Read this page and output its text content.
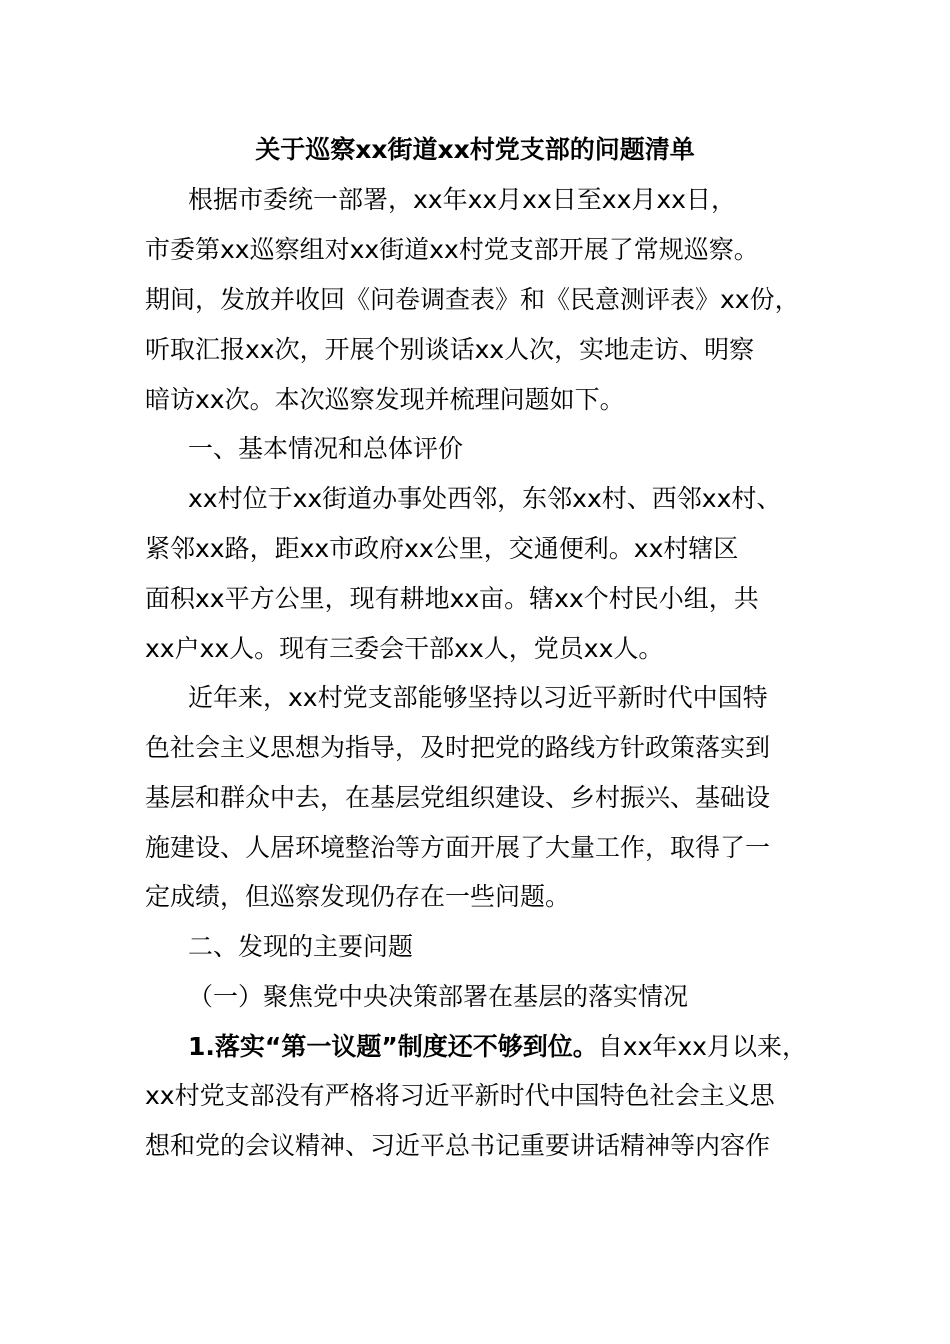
关于巡察xx街道xx村党支部的问题清单
根据市委统一部署，xx年xx月xx日至xx月xx日，
市委第xx巡察组对xx街道xx村党支部开展了常规巡察。
期间，发放并收回《问卷调查表》和《民意测评表》xx份，
听取汇报xx次，开展个别谈话xx人次，实地走访、明察
暗访xx次。本次巡察发现并梳理问题如下。
一、基本情况和总体评价
xx村位于xx街道办事处西邻，东邻xx村、西邻xx村、
紧邻xx路，距xx市政府xx公里，交通便利。xx村辖区
面积xx平方公里，现有耕地xx亩。辖xx个村民小组，共
xx户xx人。现有三委会干部xx人，党员xx人。
近年来，xx村党支部能够坚持以习近平新时代中国特
色社会主义思想为指导，及时把党的路线方针政策落实到
基层和群众中去，在基层党组织建设、乡村振兴、基础设
施建设、人居环境整治等方面开展了大量工作，取得了一
定成绩，但巡察发现仍存在一些问题。
二、发现的主要问题
（一）聚焦党中央决策部署在基层的落实情况
1.落实“第一议题”制度还不够到位。自xx年xx月以来，
xx村党支部没有严格将习近平新时代中国特色社会主义思
想和党的会议精神、习近平总书记重要讲话精神等内容作
